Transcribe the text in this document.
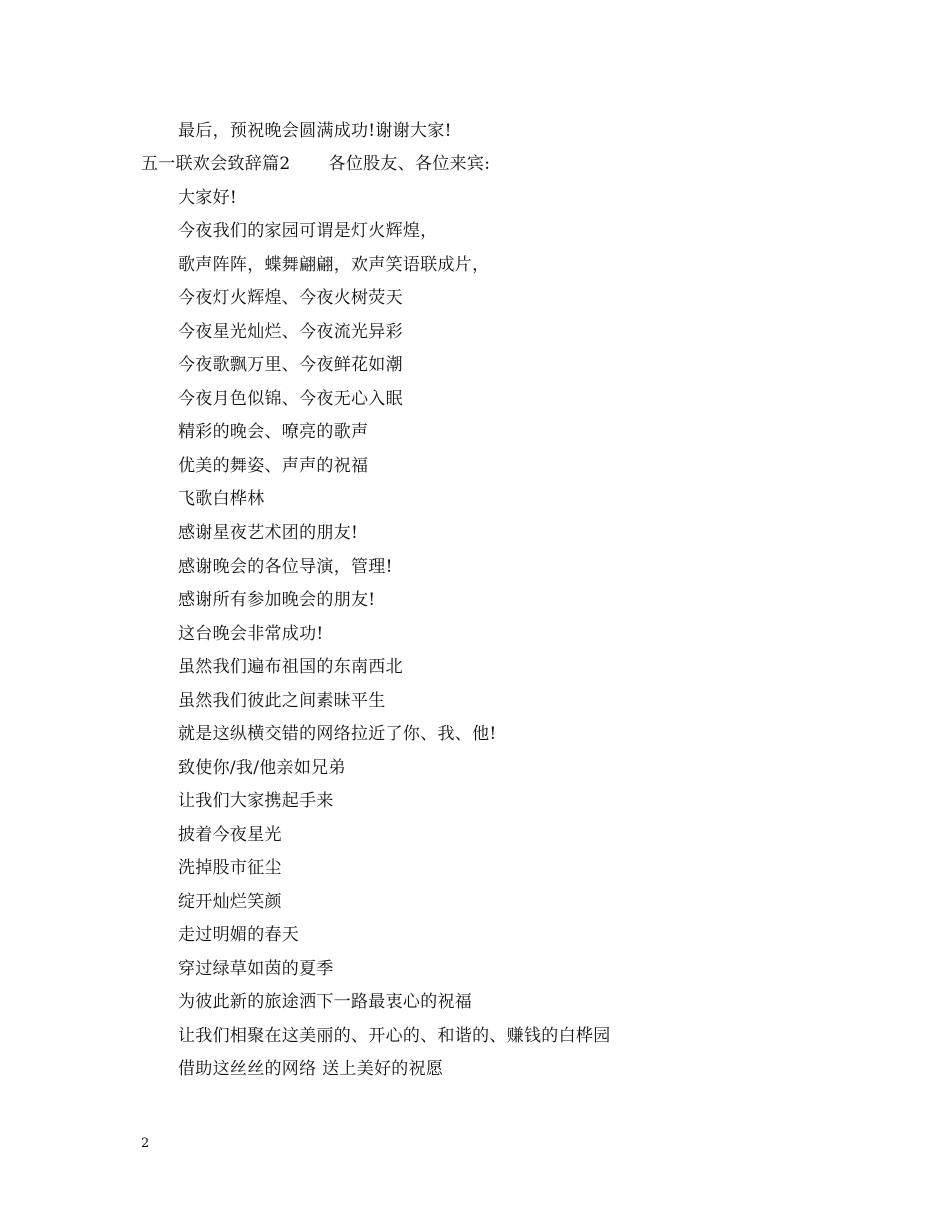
最后，预祝晚会圆满成功!谢谢大家!
五一联欢会致辞篇2 各位股友、各位来宾:
大家好!
今夜我们的家园可谓是灯火辉煌，
歌声阵阵，蝶舞翩翩，欢声笑语联成片，
今夜灯火辉煌、今夜火树荧天
今夜星光灿烂、今夜流光异彩
今夜歌飘万里、今夜鲜花如潮
今夜月色似锦、今夜无心入眠
精彩的晚会、嘹亮的歌声
优美的舞姿、声声的祝福
飞歌白桦林
感谢星夜艺术团的朋友!
感谢晚会的各位导演，管理!
感谢所有参加晚会的朋友!
这台晚会非常成功!
虽然我们遍布祖国的东南西北
虽然我们彼此之间素昧平生
就是这纵横交错的网络拉近了你、我、他!
致使你/我/他亲如兄弟
让我们大家携起手来
披着今夜星光
洗掉股市征尘
绽开灿烂笑颜
走过明媚的春天
穿过绿草如茵的夏季
为彼此新的旅途洒下一路最衷心的祝福
让我们相聚在这美丽的、开心的、和谐的、赚钱的白桦园
借助这丝丝的网络 送上美好的祝愿
2
